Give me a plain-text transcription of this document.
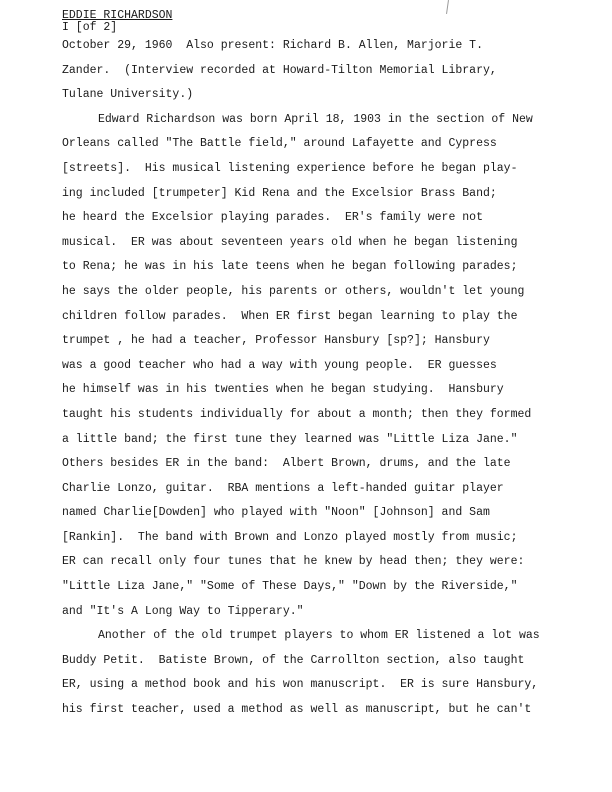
EDDIE RICHARDSON
I [of 2]
October 29, 1960  Also present: Richard B. Allen, Marjorie T.
Zander.  (Interview recorded at Howard-Tilton Memorial Library,
Tulane University.)
Edward Richardson was born April 18, 1903 in the section of New
Orleans called "The Battle field," around Lafayette and Cypress
[streets].  His musical listening experience before he began play-
ing included [trumpeter] Kid Rena and the Excelsior Brass Band;
he heard the Excelsior playing parades.  ER's family were not
musical.  ER was about seventeen years old when he began listening
to Rena; he was in his late teens when he began following parades;
he says the older people, his parents or others, wouldn't let young
children follow parades.  When ER first began learning to play the
trumpet , he had a teacher, Professor Hansbury [sp?]; Hansbury
was a good teacher who had a way with young people.  ER guesses
he himself was in his twenties when he began studying.  Hansbury
taught his students individually for about a month; then they formed
a little band; the first tune they learned was "Little Liza Jane."
Others besides ER in the band:  Albert Brown, drums, and the late
Charlie Lonzo, guitar.  RBA mentions a left-handed guitar player
named Charlie[Dowden] who played with "Noon" [Johnson] and Sam
[Rankin].  The band with Brown and Lonzo played mostly from music;
ER can recall only four tunes that he knew by head then; they were:
"Little Liza Jane," "Some of These Days," "Down by the Riverside,"
and "It's A Long Way to Tipperary."
Another of the old trumpet players to whom ER listened a lot was
Buddy Petit.  Batiste Brown, of the Carrollton section, also taught
ER, using a method book and his won manuscript.  ER is sure Hansbury,
his first teacher, used a method as well as manuscript, but he can't
